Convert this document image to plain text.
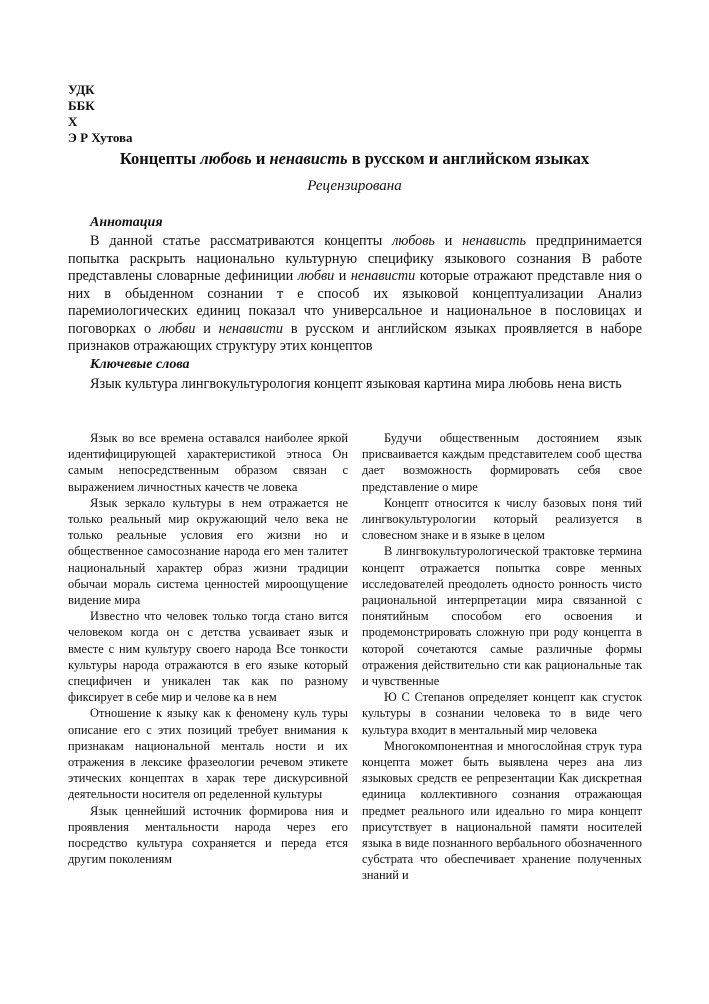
УДК
ББК
Х
Э Р Хутова
Концепты любовь и ненависть в русском и английском языках
Рецензирована
Аннотация

В данной статье рассматриваются концепты любовь и ненависть предпринимается попытка раскрыть национально культурную специфику языкового сознания В работе представлены словарные дефиниции любви и ненависти которые отражают представле ния о них в обыденном сознании т е способ их языковой концептуализации Анализ паремиологических единиц показал что универсальное и национальное в пословицах и поговорках о любви и ненависти в русском и английском языках проявляется в наборе признаков отражающих структуру этих концептов

Ключевые слова

Язык культура лингвокультурология концепт языковая картина мира любовь нена висть

Язык во все времена оставался наиболее яркой идентифицирующей характеристикой этноса Он самым непосредственным образом связан с выражением личностных качеств че ловека

Язык зеркало культуры в нем отражается не только реальный мир окружающий чело века не только реальные условия его жизни но и общественное самосознание народа его мен талитет национальный характер образ жизни традиции обычаи мораль система ценностей мироощущение видение мира

Известно что человек только тогда стано вится человеком когда он с детства усваивает язык и вместе с ним культуру своего народа Все тонкости культуры народа отражаются в его языке который специфичен и уникален так как по разному фиксирует в себе мир и челове ка в нем

Отношение к языку как к феномену куль туры описание его с этих позиций требует внимания к признакам национальной менталь ности и их отражения в лексике фразеологии речевом этикете этических концептах в харак тере дискурсивной деятельности носителя оп ределенной культуры

Язык ценнейший источник формирова ния и проявления ментальности народа через его посредство культура сохраняется и переда ется другим поколениям

Будучи общественным достоянием язык присваивается каждым представителем сооб щества дает возможность формировать себя свое представление о мире

Концепт относится к числу базовых поня тий лингвокультурологии который реализуется в словесном знаке и в языке в целом

В лингвокультурологической трактовке термина концепт отражается попытка совре менных исследователей преодолеть односто ронность чисто рациональной интерпретации мира связанной с понятийным способом его освоения и продемонстрировать сложную при роду концепта в которой сочетаются самые различные формы отражения действительно сти как рациональные так и чувственные

Ю С Степанов определяет концепт как сгусток культуры в сознании человека то в виде чего культура входит в ментальный мир человека

Многокомпонентная и многослойная струк тура концепта может быть выявлена через ана лиз языковых средств ее репрезентации Как дискретная единица коллективного сознания отражающая предмет реального или идеально го мира концепт присутствует в национальной памяти носителей языка в виде познанного вербального обозначенного субстрата что обеспечивает хранение полученных знаний и
